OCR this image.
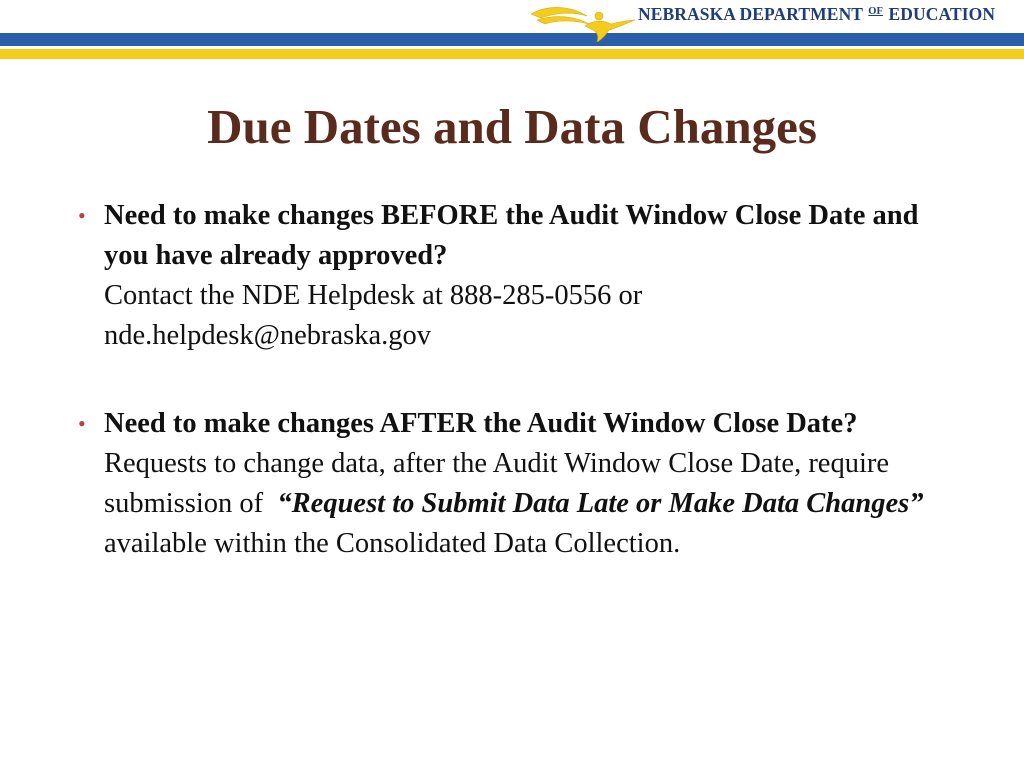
NEBRASKA DEPARTMENT $^{OF}$ EDUCATION
Due Dates and Data Changes
• Need to make changes BEFORE the Audit Window Close Date and you have already approved?
Contact the NDE Helpdesk at 888-285-0556 or nde.helpdesk@nebraska.gov
• Need to make changes AFTER the Audit Window Close Date?
Requests to change data, after the Audit Window Close Date, require submission of “Request to Submit Data Late or Make Data Changes” available within the Consolidated Data Collection.
